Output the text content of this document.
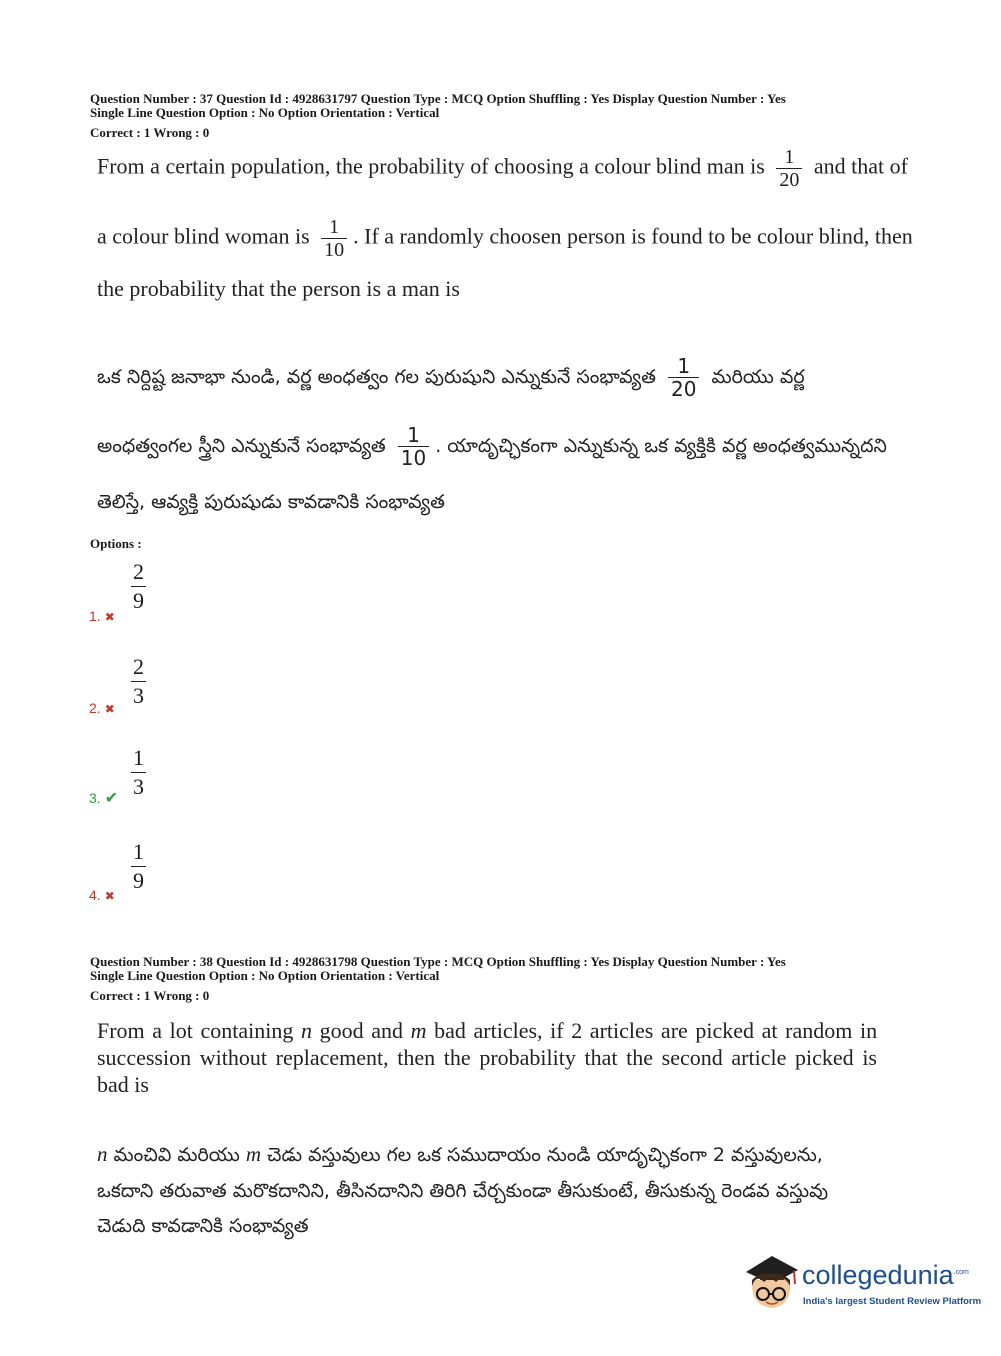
Question Number : 37 Question Id : 4928631797 Question Type : MCQ Option Shuffling : Yes Display Question Number : Yes
Single Line Question Option : No Option Orientation : Vertical
Correct : 1 Wrong : 0
From a certain population, the probability of choosing a colour blind man is $\frac{1}{20}$ and that of
a colour blind woman is $\frac{1}{10}$ . If a randomly choosen person is found to be colour blind, then
the probability that the person is a man is
ఒక నిర్దిష్ట జనాభా నుండి, వర్ణ అంధత్వం గల పురుషుని ఎన్నుకునే సంభావ్యత $\frac{1}{20}$ మరియు వర్ణ
అంధత్వంగల స్త్రీని ఎన్నుకునే సంభావ్యత $\frac{1}{10}$ . యాదృచ్ఛికంగా ఎన్నుకున్న ఒక వ్యక్తికి వర్ణ అంధత్వమున్నదని
తెలిస్తే, ఆవ్యక్తి పురుషుడు కావడానికి సంభావ్యత
Options :
$\frac{2}{9}$
1. ✖
$\frac{2}{3}$
2. ✖
$\frac{1}{3}$
3. ✔
$\frac{1}{9}$
4. ✖
Question Number : 38 Question Id : 4928631798 Question Type : MCQ Option Shuffling : Yes Display Question Number : Yes
Single Line Question Option : No Option Orientation : Vertical
Correct : 1 Wrong : 0
From a lot containing n good and m bad articles, if 2 articles are picked at random in succession without replacement, then the probability that the second article picked is bad is
n మంచివి మరియు m చెడు వస్తువులు గల ఒక సముదాయం నుండి యాదృచ్ఛికంగా 2 వస్తువులను,
ఒకదాని తరువాత మరొకదానిని, తీసినదానిని తిరిగి చేర్చకుండా తీసుకుంటే, తీసుకున్న రెండవ వస్తువు
చెడుది కావడానికి సంభావ్యత
collegedunia$^{.com}$
India's largest Student Review Platform
